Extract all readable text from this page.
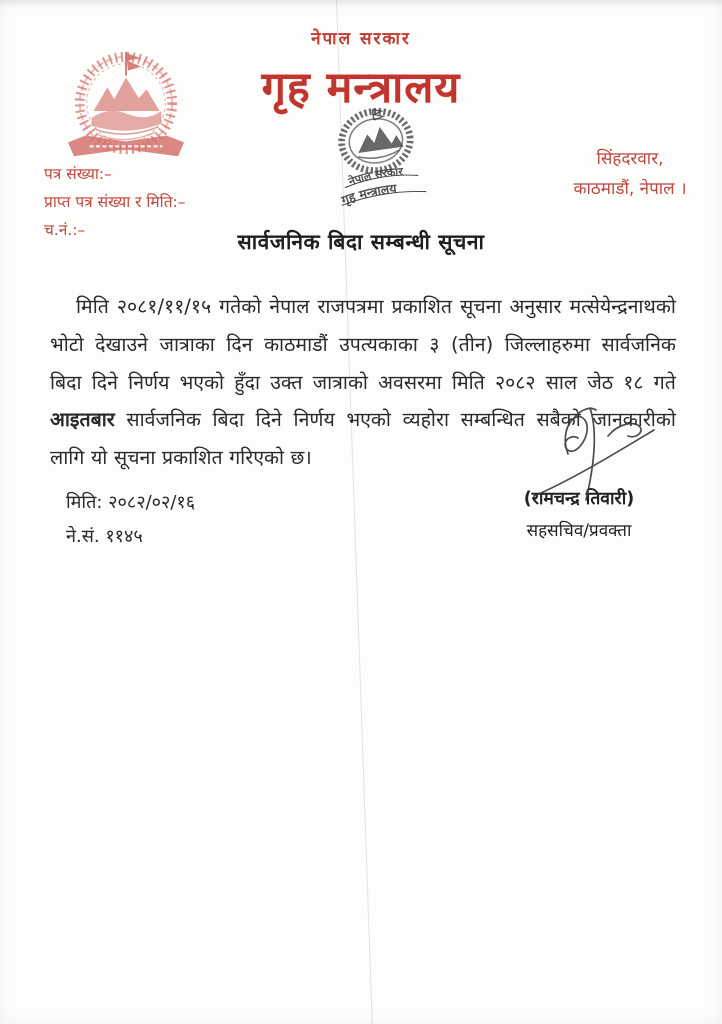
नेपाल सरकार
गृह मन्त्रालय
नेपाल सरकार
गृह मन्त्रालय
सिंहदरवार,
काठमाडौं, नेपाल ।
पत्र संख्या:–
प्राप्त पत्र संख्या र मिति:–
च.नं.:–	सार्वजनिक बिदा सम्बन्धी सूचना
मिति २०८१/११/१५ गतेको नेपाल राजपत्रमा प्रकाशित सूचना अनुसार मत्सेयेन्द्रनाथको
भोटो देखाउने जात्राका दिन काठमाडौं उपत्यकाका ३ (तीन) जिल्लाहरुमा सार्वजनिक
बिदा दिने निर्णय भएको हुँदा उक्त जात्राको अवसरमा मिति २०८२ साल जेठ १८ गते
आइतबार सार्वजनिक बिदा दिने निर्णय भएको व्यहोरा सम्बन्धित सबैको जानकारीको
लागि यो सूचना प्रकाशित गरिएको छ।
मिति: २०८२/०२/१६
ने.सं. ११४५
(रामचन्द्र तिवारी)
सहसचिव/प्रवक्ता
